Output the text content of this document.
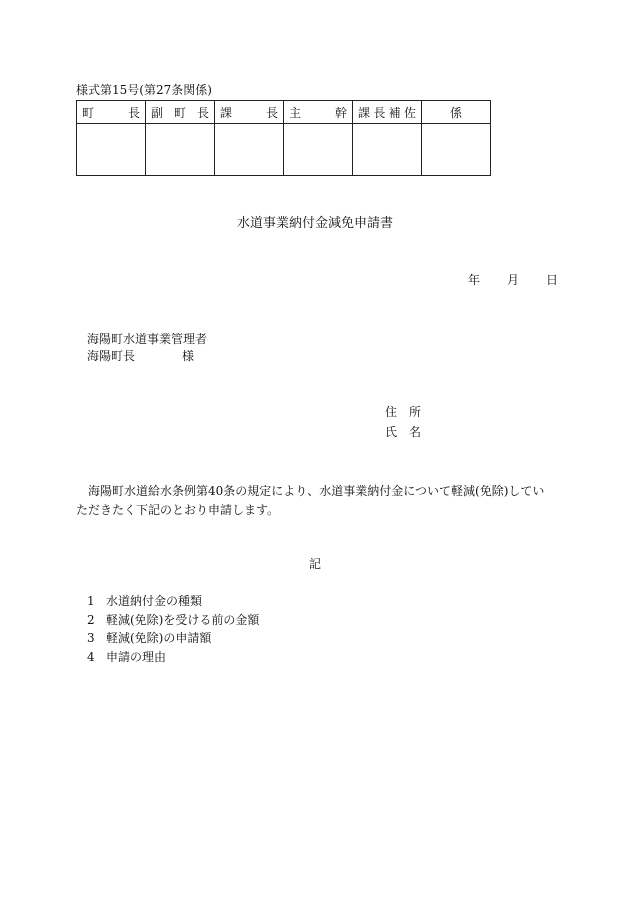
様式第15号(第27条関係)
町 長	副 町 長	課 長	主 幹	課 長 補 佐	係

水道事業納付金減免申請書
年 月 日
海陽町水道事業管理者
海陽町長	様
住 所
氏 名
海陽町水道給水条例第40条の規定により、水道事業納付金について軽減(免除)していただきたく下記のとおり申請します。
記
1 水道納付金の種類
2 軽減(免除)を受ける前の金額
3 軽減(免除)の申請額
4 申請の理由
